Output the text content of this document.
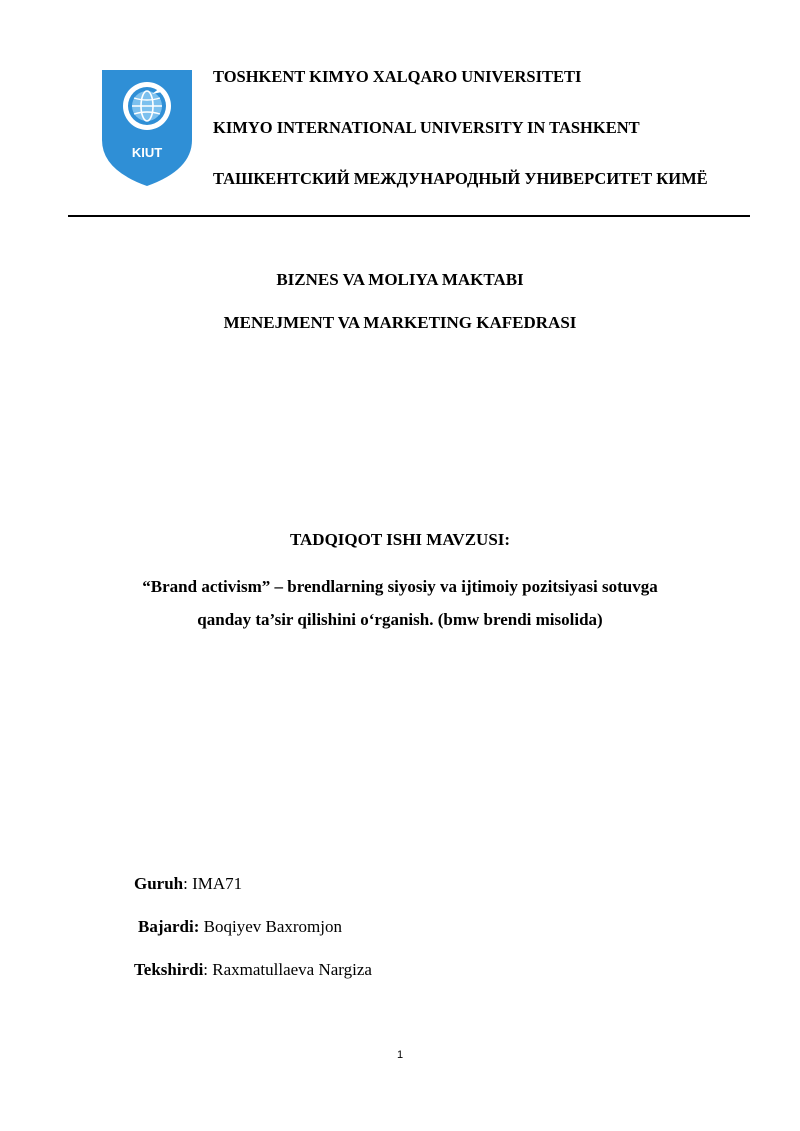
KIUT
TOSHKENT KIMYO XALQARO UNIVERSITETI
KIMYO INTERNATIONAL UNIVERSITY IN TASHKENT
ТАШКЕНТСКИЙ МЕЖДУНАРОДНЫЙ УНИВЕРСИТЕТ КИМЁ
BIZNES VA MOLIYA MAKTABI
MENEJMENT VA MARKETING KAFEDRASI
TADQIQOT ISHI MAVZUSI:
“Brand activism” – brendlarning siyosiy va ijtimoiy pozitsiyasi sotuvga
qanday ta’sir qilishini o‘rganish. (bmw brendi misolida)
Guruh: IMA71
Bajardi: Boqiyev Baxromjon
Tekshirdi: Raxmatullaeva Nargiza
1
